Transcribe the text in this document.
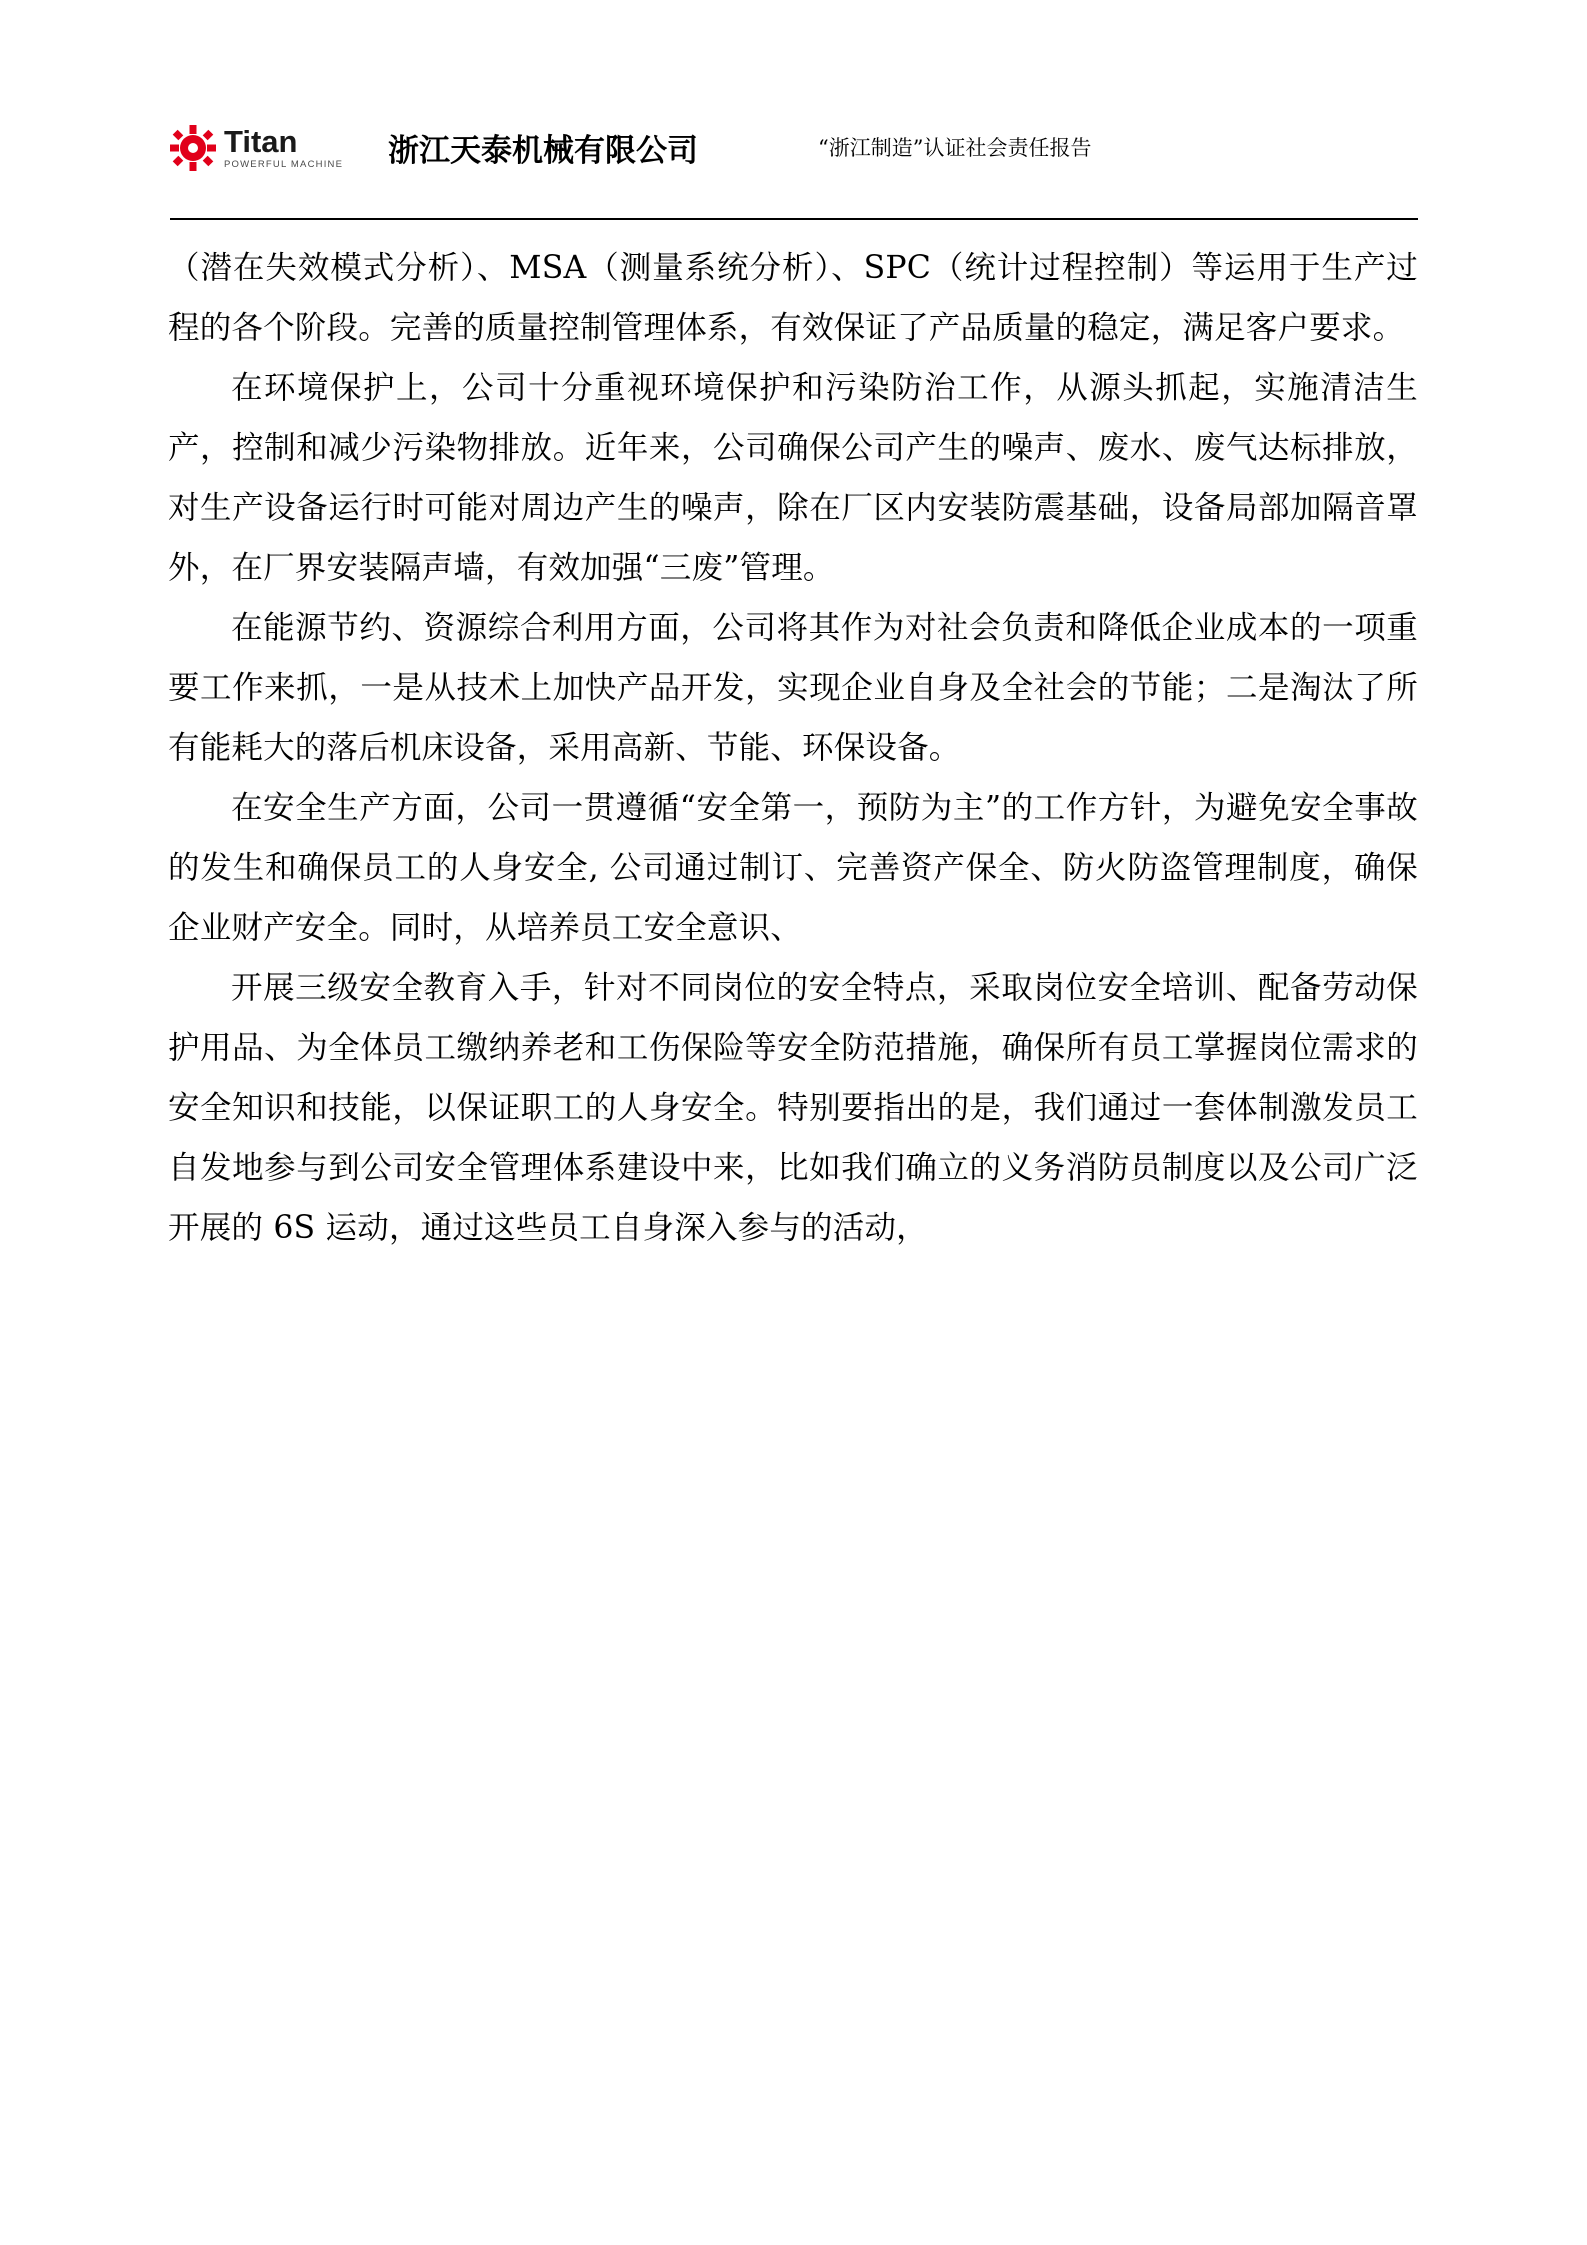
Titan
POWERFUL MACHINE 浙江天泰机械有限公司	“浙江制造”认证社会责任报告

（潜在失效模式分析）、MSA（测量系统分析）、SPC（统计过程控制）等运用于生产过程的各个阶段。完善的质量控制管理体系，有效保证了产品质量的稳定，满足客户要求。

在环境保护上，公司十分重视环境保护和污染防治工作，从源头抓起，实施清洁生产，控制和减少污染物排放。近年来，公司确保公司产生的噪声、废水、废气达标排放，对生产设备运行时可能对周边产生的噪声，除在厂区内安装防震基础，设备局部加隔音罩外，在厂界安装隔声墙，有效加强“三废”管理。

在能源节约、资源综合利用方面，公司将其作为对社会负责和降低企业成本的一项重要工作来抓，一是从技术上加快产品开发，实现企业自身及全社会的节能；二是淘汰了所有能耗大的落后机床设备，采用高新、节能、环保设备。

在安全生产方面，公司一贯遵循“安全第一，预防为主”的工作方针，为避免安全事故的发生和确保员工的人身安全, 公司通过制订、完善资产保全、防火防盗管理制度，确保企业财产安全。同时，从培养员工安全意识、

开展三级安全教育入手，针对不同岗位的安全特点，采取岗位安全培训、配备劳动保护用品、为全体员工缴纳养老和工伤保险等安全防范措施，确保所有员工掌握岗位需求的安全知识和技能，以保证职工的人身安全。特别要指出的是，我们通过一套体制激发员工自发地参与到公司安全管理体系建设中来，比如我们确立的义务消防员制度以及公司广泛开展的 6S 运动，通过这些员工自身深入参与的活动，
